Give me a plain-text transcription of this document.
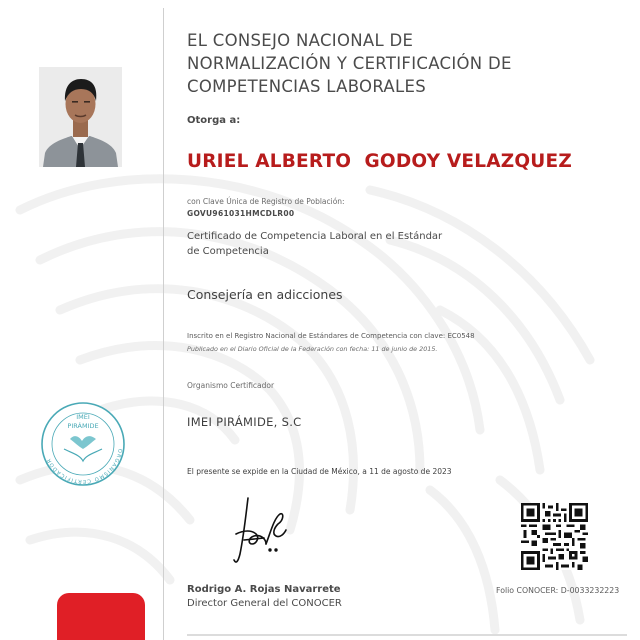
ORGANISMO CERTIFICADOR
IMEI
PIRÁMIDE
EL CONSEJO NACIONAL DE
NORMALIZACIÓN Y CERTIFICACIÓN DE
COMPETENCIAS LABORALES
Otorga a:
URIEL ALBERTO  GODOY VELAZQUEZ
con Clave Única de Registro de Población:
GOVU961031HMCDLR00
Certificado de Competencia Laboral en el Estándar
de Competencia
Consejería en adicciones
Inscrito en el Registro Nacional de Estándares de Competencia con clave: EC0548
Publicado en el Diario Oficial de la Federación con fecha: 11 de junio de 2015.
Organismo Certificador
IMEI PIRÁMIDE, S.C
El presente se expide en la Ciudad de México, a 11 de agosto de 2023
Rodrigo A. Rojas Navarrete
Director General del CONOCER
Folio CONOCER: D-0033232223
